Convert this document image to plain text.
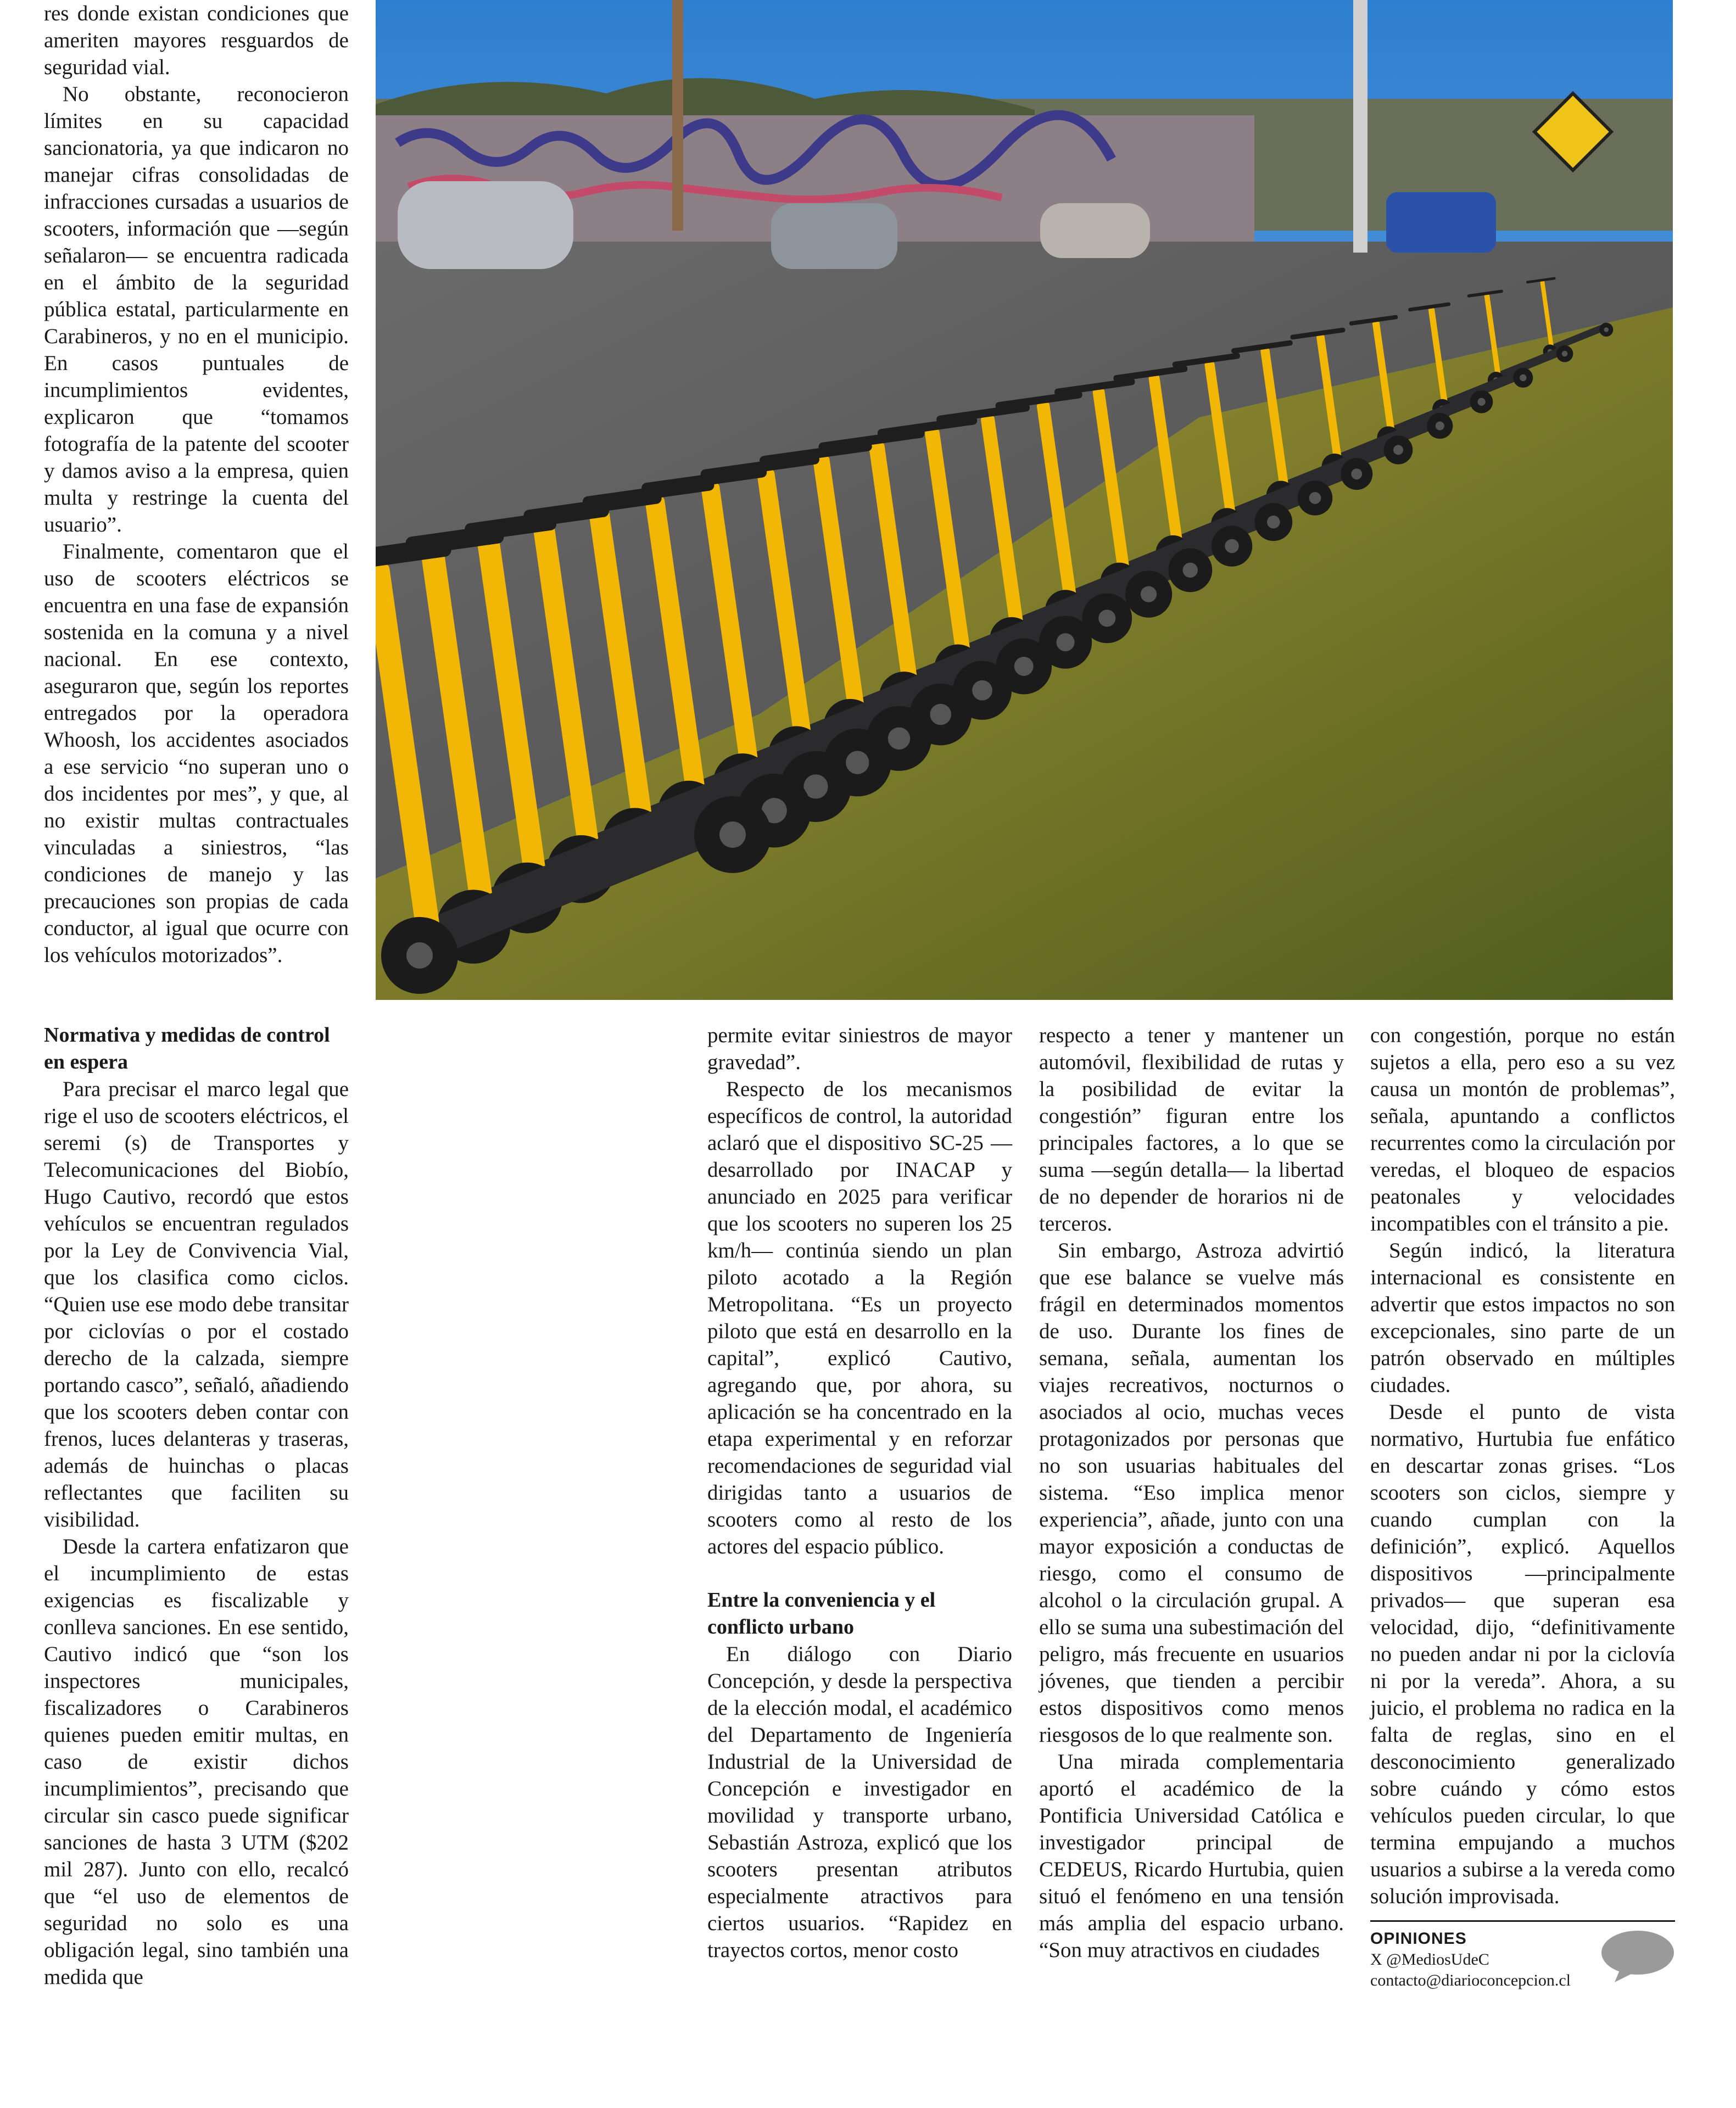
res donde existan condiciones que ameriten mayores resguardos de seguridad vial.

No obstante, reconocieron límites en su capacidad sancionatoria, ya que indicaron no manejar cifras consolidadas de infracciones cursadas a usuarios de scooters, información que —según señalaron— se encuentra radicada en el ámbito de la seguridad pública estatal, particularmente en Carabineros, y no en el municipio. En casos puntuales de incumplimientos evidentes, explicaron que “tomamos fotografía de la patente del scooter y damos aviso a la empresa, quien multa y restringe la cuenta del usuario”.

Finalmente, comentaron que el uso de scooters eléctricos se encuentra en una fase de expansión sostenida en la comuna y a nivel nacional. En ese contexto, aseguraron que, según los reportes entregados por la operadora Whoosh, los accidentes asociados a ese servicio “no superan uno o dos incidentes por mes”, y que, al no existir multas contractuales vinculadas a siniestros, “las condiciones de manejo y las precauciones son propias de cada conductor, al igual que ocurre con los vehículos motorizados”.

Normativa y medidas de control en espera

Para precisar el marco legal que rige el uso de scooters eléctricos, el seremi (s) de Transportes y Telecomunicaciones del Biobío, Hugo Cautivo, recordó que estos vehículos se encuentran regulados por la Ley de Convivencia Vial, que los clasifica como ciclos. “Quien use ese modo debe transitar por ciclovías o por el costado derecho de la calzada, siempre portando casco”, señaló, añadiendo que los scooters deben contar con frenos, luces delanteras y traseras, además de huinchas o placas reflectantes que faciliten su visibilidad.

Desde la cartera enfatizaron que el incumplimiento de estas exigencias es fiscalizable y conlleva sanciones. En ese sentido, Cautivo indicó que “son los inspectores municipales, fiscalizadores o Carabineros quienes pueden emitir multas, en caso de existir dichos incumplimientos”, precisando que circular sin casco puede significar sanciones de hasta 3 UTM ($202 mil 287). Junto con ello, recalcó que “el uso de elementos de seguridad no solo es una obligación legal, sino también una medida que

permite evitar siniestros de mayor gravedad”.

Respecto de los mecanismos específicos de control, la autoridad aclaró que el dispositivo SC-25 —desarrollado por INACAP y anunciado en 2025 para verificar que los scooters no superen los 25 km/h— continúa siendo un plan piloto acotado a la Región Metropolitana. “Es un proyecto piloto que está en desarrollo en la capital”, explicó Cautivo, agregando que, por ahora, su aplicación se ha concentrado en la etapa experimental y en reforzar recomendaciones de seguridad vial dirigidas tanto a usuarios de scooters como al resto de los actores del espacio público.

Entre la conveniencia y el conflicto urbano

En diálogo con Diario Concepción, y desde la perspectiva de la elección modal, el académico del Departamento de Ingeniería Industrial de la Universidad de Concepción e investigador en movilidad y transporte urbano, Sebastián Astroza, explicó que los scooters presentan atributos especialmente atractivos para ciertos usuarios. “Rapidez en trayectos cortos, menor costo

respecto a tener y mantener un automóvil, flexibilidad de rutas y la posibilidad de evitar la congestión” figuran entre los principales factores, a lo que se suma —según detalla— la libertad de no depender de horarios ni de terceros.

Sin embargo, Astroza advirtió que ese balance se vuelve más frágil en determinados momentos de uso. Durante los fines de semana, señala, aumentan los viajes recreativos, nocturnos o asociados al ocio, muchas veces protagonizados por personas que no son usuarias habituales del sistema. “Eso implica menor experiencia”, añade, junto con una mayor exposición a conductas de riesgo, como el consumo de alcohol o la circulación grupal. A ello se suma una subestimación del peligro, más frecuente en usuarios jóvenes, que tienden a percibir estos dispositivos como menos riesgosos de lo que realmente son.

Una mirada complementaria aportó el académico de la Pontificia Universidad Católica e investigador principal de CEDEUS, Ricardo Hurtubia, quien situó el fenómeno en una tensión más amplia del espacio urbano. “Son muy atractivos en ciudades

con congestión, porque no están sujetos a ella, pero eso a su vez causa un montón de problemas”, señala, apuntando a conflictos recurrentes como la circulación por veredas, el bloqueo de espacios peatonales y velocidades incompatibles con el tránsito a pie.

Según indicó, la literatura internacional es consistente en advertir que estos impactos no son excepcionales, sino parte de un patrón observado en múltiples ciudades.

Desde el punto de vista normativo, Hurtubia fue enfático en descartar zonas grises. “Los scooters son ciclos, siempre y cuando cumplan con la definición”, explicó. Aquellos dispositivos —principalmente privados— que superan esa velocidad, dijo, “definitivamente no pueden andar ni por la ciclovía ni por la vereda”. Ahora, a su juicio, el problema no radica en la falta de reglas, sino en el desconocimiento generalizado sobre cuándo y cómo estos vehículos pueden circular, lo que termina empujando a muchos usuarios a subirse a la vereda como solución improvisada.

OPINIONES
X @MediosUdeC
contacto@diarioconcepcion.cl
